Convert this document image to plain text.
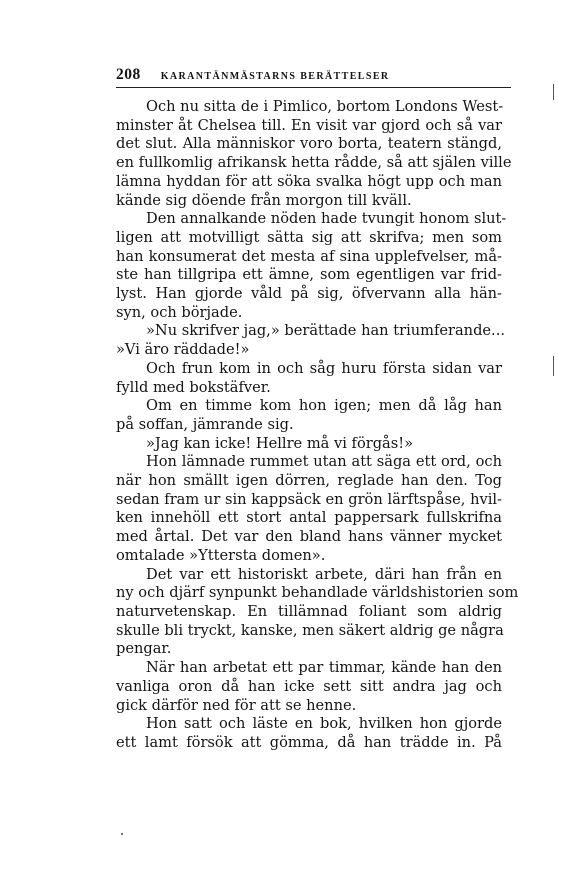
208 KARANTÄNMÄSTARNS BERÄTTELSER
Och nu sitta de i Pimlico, bortom Londons West-
minster åt Chelsea till. En visit var gjord och så var
det slut. Alla människor voro borta, teatern stängd,
en fullkomlig afrikansk hetta rådde, så att själen ville
lämna hyddan för att söka svalka högt upp och man
kände sig döende från morgon till kväll.
Den annalkande nöden hade tvungit honom slut-
ligen att motvilligt sätta sig att skrifva; men som
han konsumerat det mesta af sina upplefvelser, må-
ste han tillgripa ett ämne, som egentligen var frid-
lyst. Han gjorde våld på sig, öfvervann alla hän-
syn, och började.
»Nu skrifver jag,» berättade han triumferande...
»Vi äro räddade!»
Och frun kom in och såg huru första sidan var
fylld med bokstäfver.
Om en timme kom hon igen; men då låg han
på soffan, jämrande sig.
»Jag kan icke! Hellre må vi förgås!»
Hon lämnade rummet utan att säga ett ord, och
när hon smällt igen dörren, reglade han den. Tog
sedan fram ur sin kappsäck en grön lärftspåse, hvil-
ken innehöll ett stort antal pappersark fullskrifna
med årtal. Det var den bland hans vänner mycket
omtalade »Yttersta domen».
Det var ett historiskt arbete, däri han från en
ny och djärf synpunkt behandlade världshistorien som
naturvetenskap. En tillämnad foliant som aldrig
skulle bli tryckt, kanske, men säkert aldrig ge några
pengar.
När han arbetat ett par timmar, kände han den
vanliga oron då han icke sett sitt andra jag och
gick därför ned för att se henne.
Hon satt och läste en bok, hvilken hon gjorde
ett lamt försök att gömma, då han trädde in. På
